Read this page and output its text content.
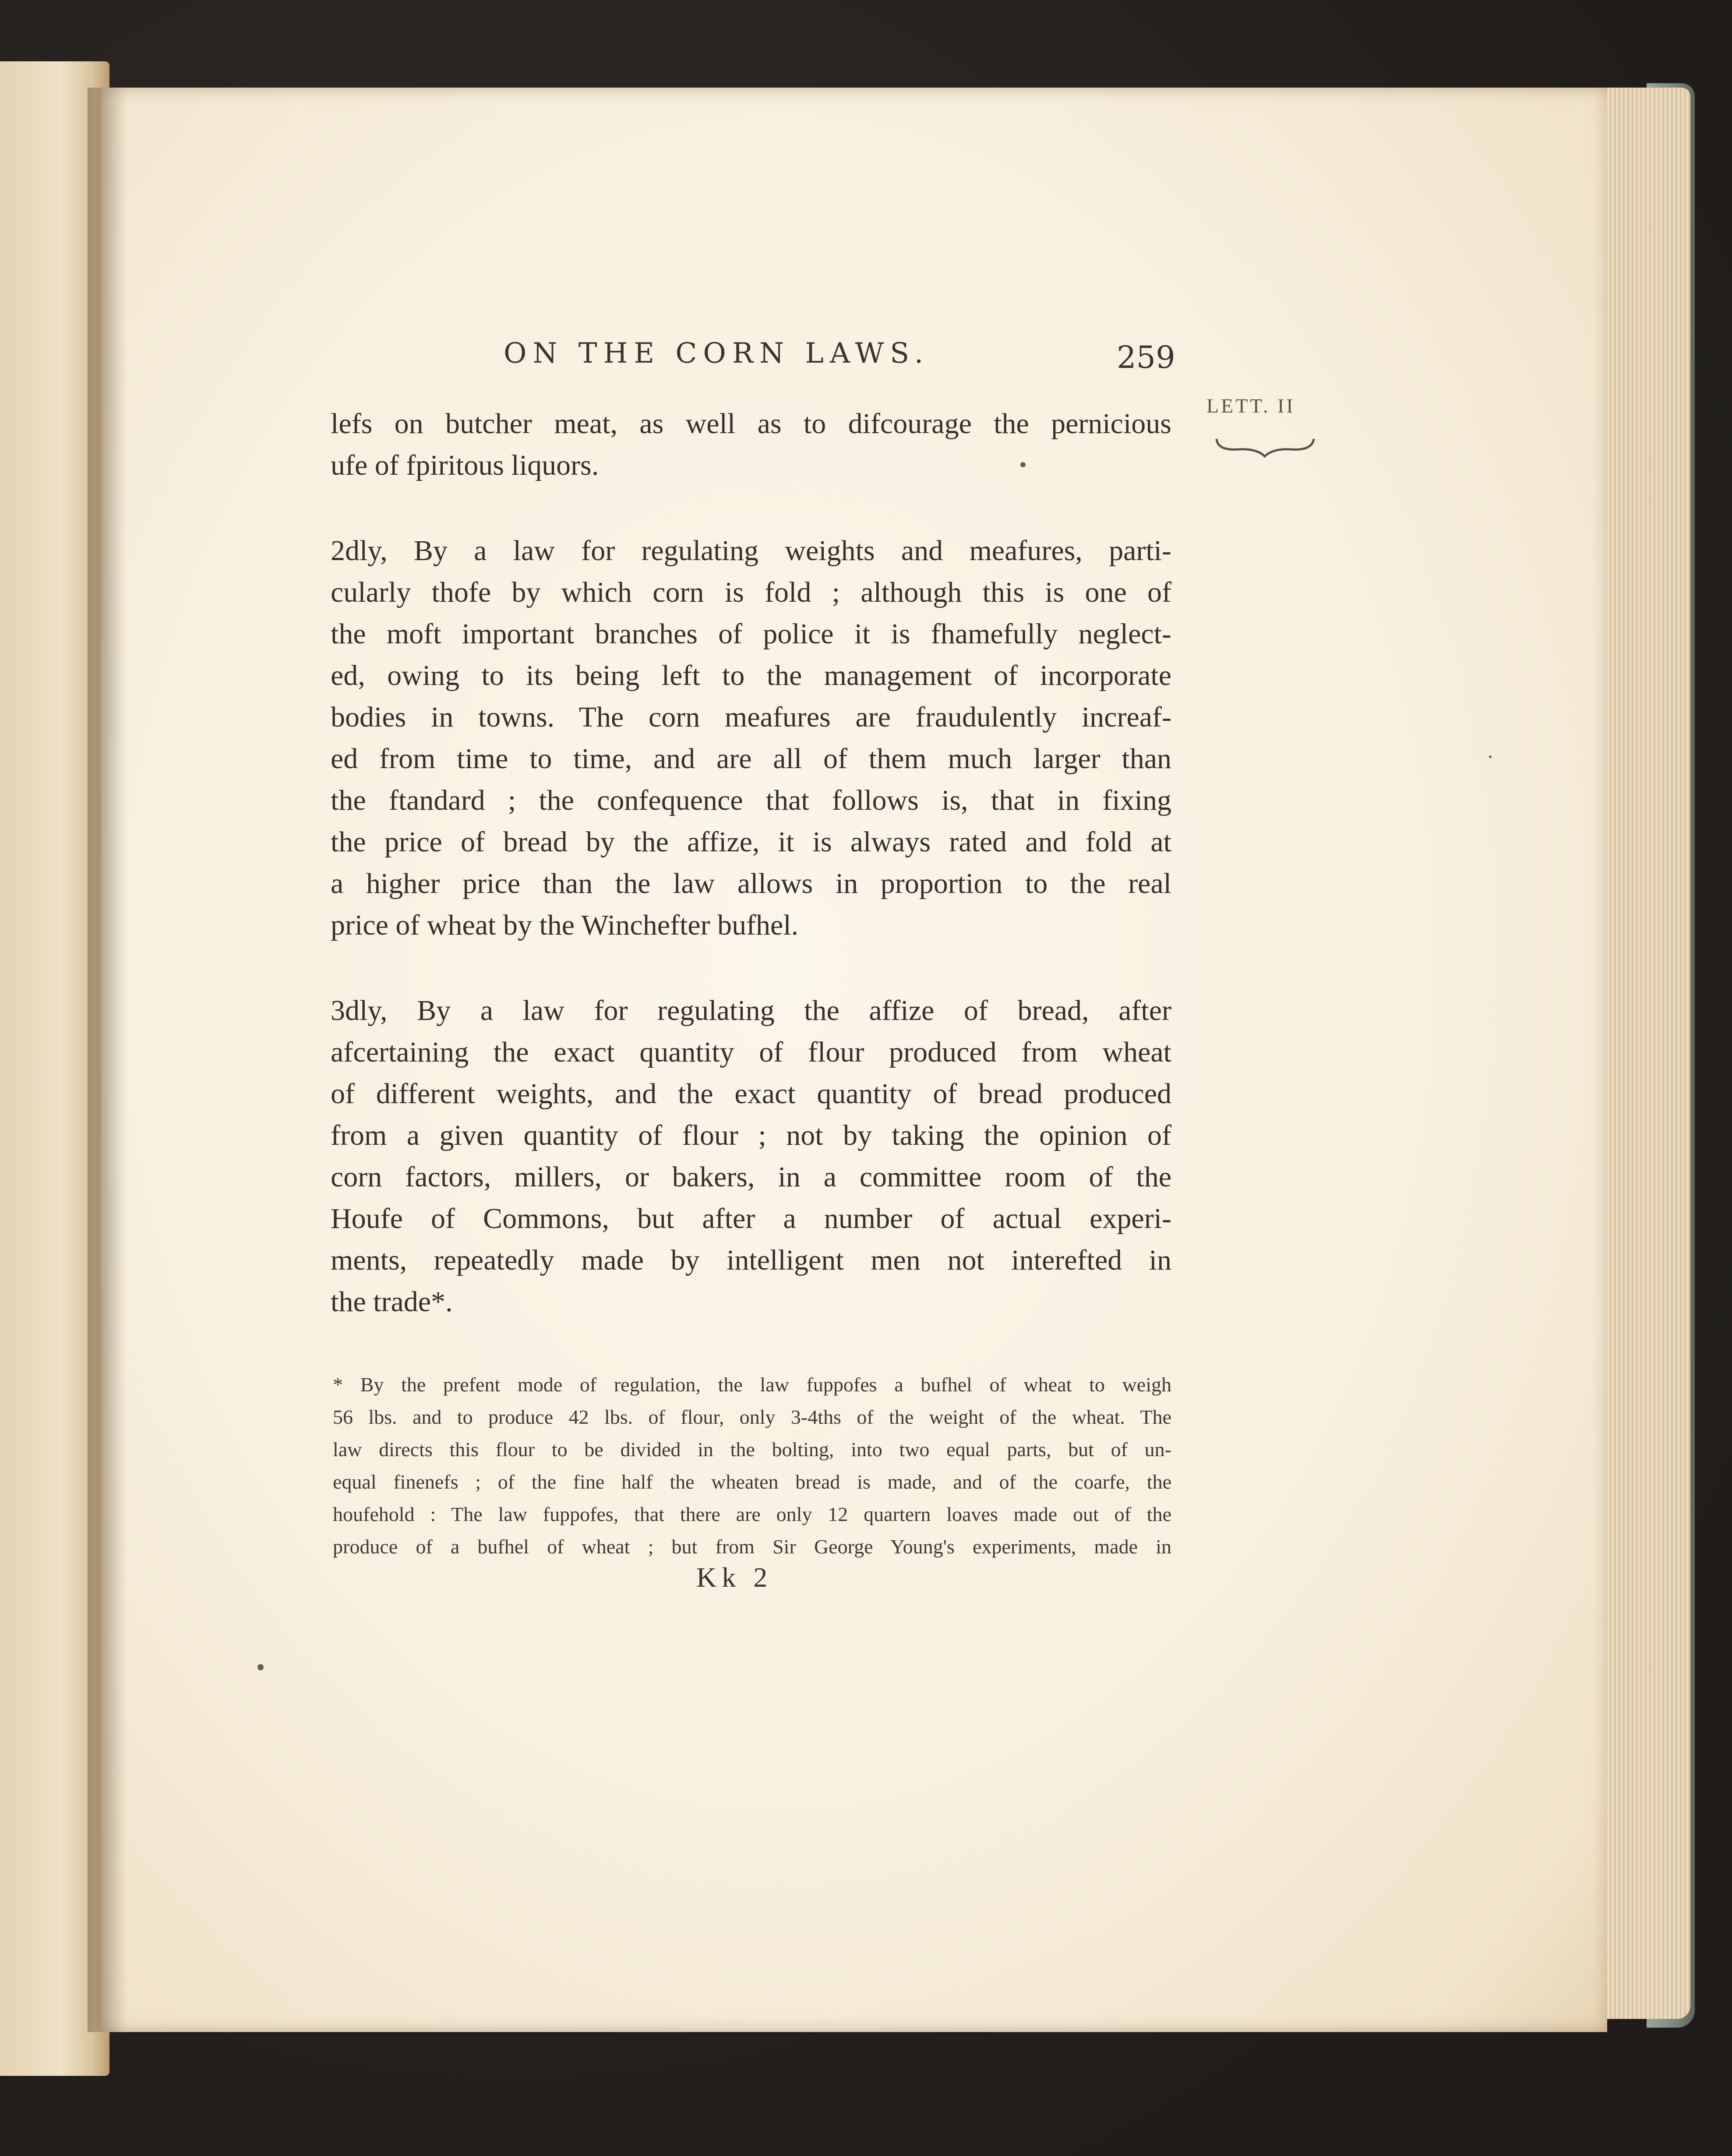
ON THE CORN LAWS.	259
LETT. II
lefs on butcher meat, as well as to difcourage the pernicious
ufe of fpiritous liquors.
2dly, By a law for regulating weights and meafures, parti-
cularly thofe by which corn is fold ; although this is one of
the moft important branches of police it is fhamefully neglect-
ed, owing to its being left to the management of incorporate
bodies in towns. The corn meafures are fraudulently increaf-
ed from time to time, and are all of them much larger than
the ftandard ; the confequence that follows is, that in fixing
the price of bread by the affize, it is always rated and fold at
a higher price than the law allows in proportion to the real
price of wheat by the Winchefter bufhel.
3dly, By a law for regulating the affize of bread, after
afcertaining the exact quantity of flour produced from wheat
of different weights, and the exact quantity of bread produced
from a given quantity of flour ; not by taking the opinion of
corn factors, millers, or bakers, in a committee room of the
Houfe of Commons, but after a number of actual experi-
ments, repeatedly made by intelligent men not interefted in
the trade*.
* By the prefent mode of regulation, the law fuppofes a bufhel of wheat to weigh
56 lbs. and to produce 42 lbs. of flour, only 3-4ths of the weight of the wheat. The
law directs this flour to be divided in the bolting, into two equal parts, but of un-
equal finenefs ; of the fine half the wheaten bread is made, and of the coarfe, the
houfehold : The law fuppofes, that there are only 12 quartern loaves made out of the
produce of a bufhel of wheat ; but from Sir George Young's experiments, made in
Kk 2
